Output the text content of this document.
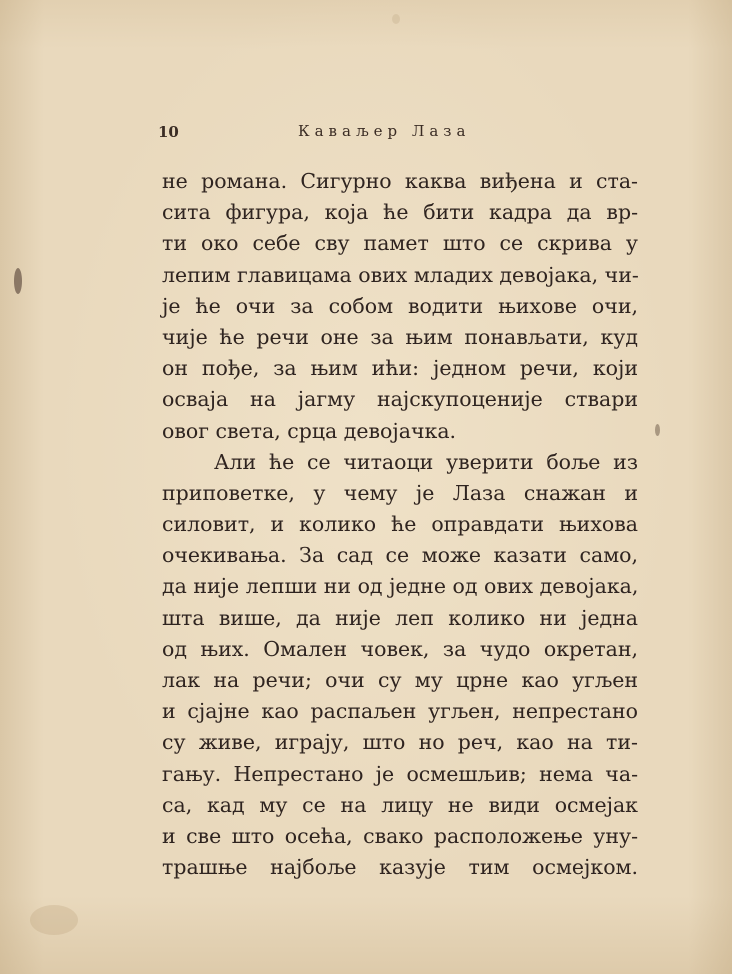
10	Каваљер Лаза
не романа. Сигурно каква виђена и ста-
сита фигура, која ће бити кадра да вр-
ти око себе сву памет што се скрива у
лепим главицама ових младих девојака, чи-
је ће очи за собом водити њихове очи,
чије ће речи оне за њим понављати, куд
он пође, за њим ићи: једном речи, који
осваја на јагму најскупоценије ствари
овог света, срца девојачка.
Али ће се читаоци уверити боље из
приповетке, у чему је Лаза снажан и
силовит, и колико ће оправдати њихова
очекивања. За сад се може казати само,
да није лепши ни од једне од ових девојака,
шта више, да није леп колико ни једна
од њих. Омален човек, за чудо окретан,
лак на речи; очи су му црне као угљен
и сјајне као распаљен угљен, непрестано
су живе, играју, што но реч, као на ти-
гању. Непрестано је осмешљив; нема ча-
са, кад му се на лицу не види осмејак
и све што осећа, свако расположење уну-
трашње најбоље казује тим осмејком.
